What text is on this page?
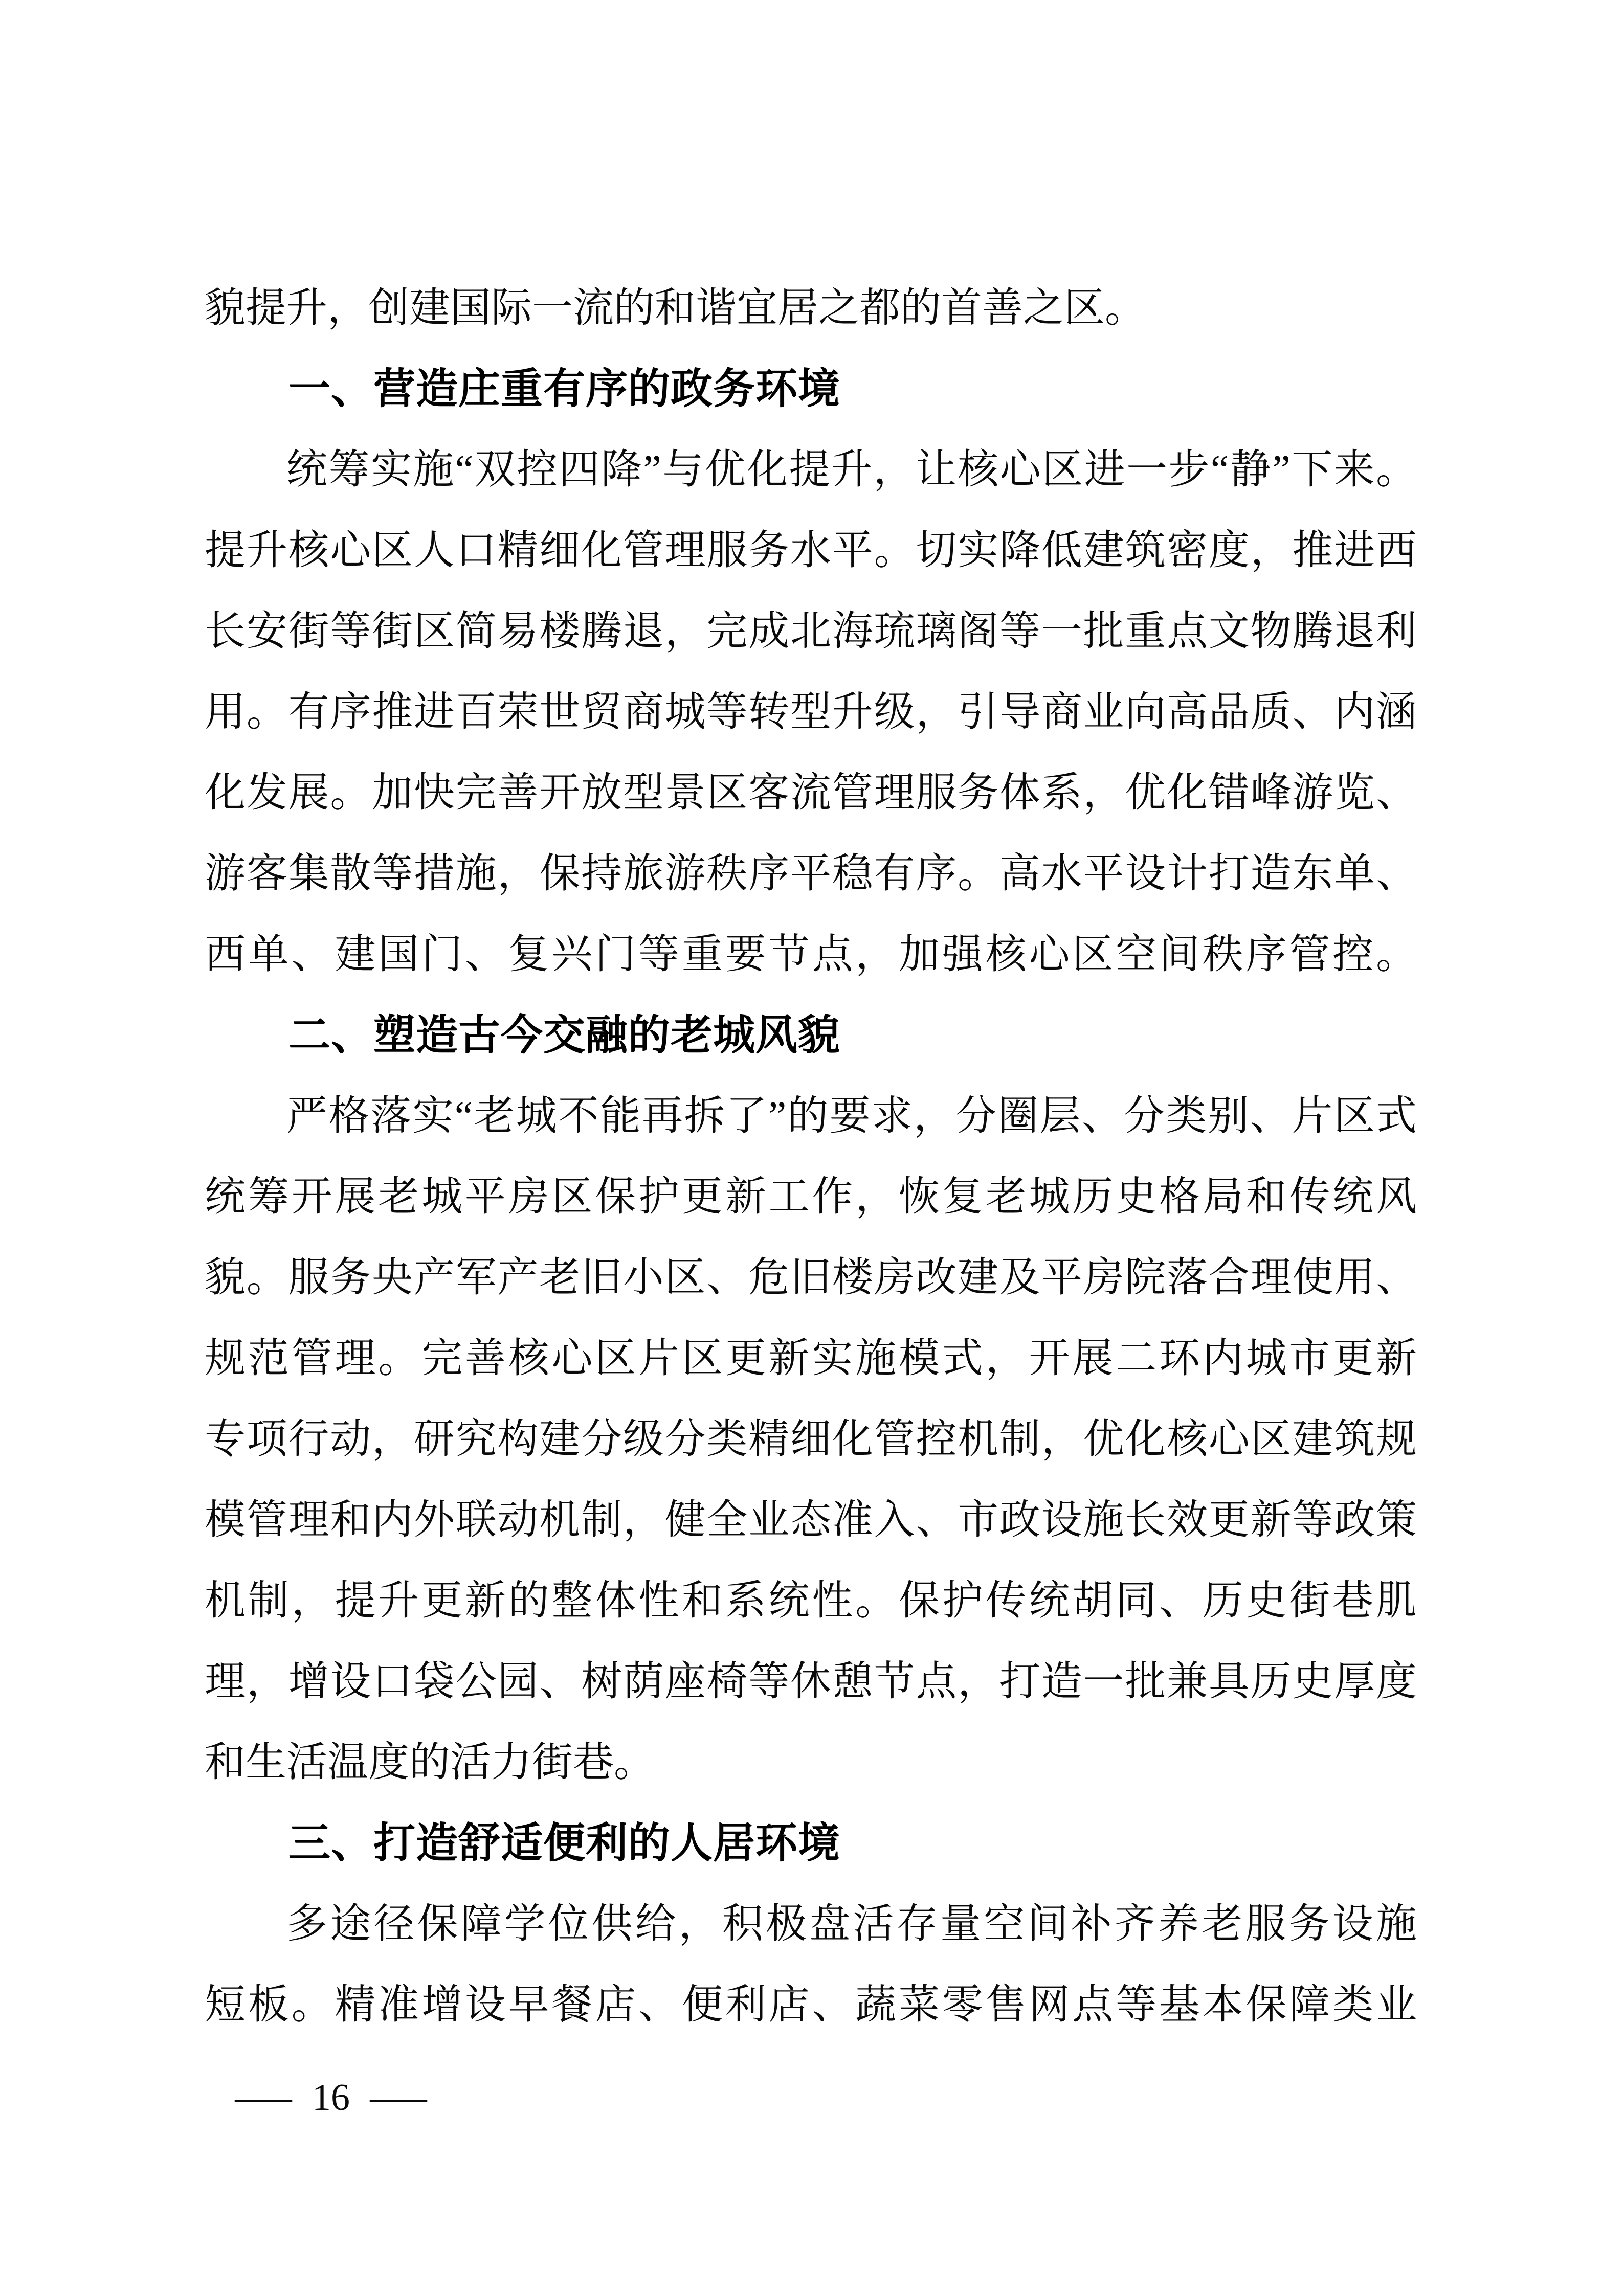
貌提升，创建国际一流的和谐宜居之都的首善之区。
一、营造庄重有序的政务环境
统筹实施“双控四降”与优化提升，让核心区进一步“静”下来。
提升核心区人口精细化管理服务水平。切实降低建筑密度，推进西
长安街等街区简易楼腾退，完成北海琉璃阁等一批重点文物腾退利
用。有序推进百荣世贸商城等转型升级，引导商业向高品质、内涵
化发展。加快完善开放型景区客流管理服务体系，优化错峰游览、
游客集散等措施，保持旅游秩序平稳有序。高水平设计打造东单、
西单、建国门、复兴门等重要节点，加强核心区空间秩序管控。
二、塑造古今交融的老城风貌
严格落实“老城不能再拆了”的要求，分圈层、分类别、片区式
统筹开展老城平房区保护更新工作，恢复老城历史格局和传统风
貌。服务央产军产老旧小区、危旧楼房改建及平房院落合理使用、
规范管理。完善核心区片区更新实施模式，开展二环内城市更新
专项行动，研究构建分级分类精细化管控机制，优化核心区建筑规
模管理和内外联动机制，健全业态准入、市政设施长效更新等政策
机制，提升更新的整体性和系统性。保护传统胡同、历史街巷肌
理，增设口袋公园、树荫座椅等休憩节点，打造一批兼具历史厚度
和生活温度的活力街巷。
三、打造舒适便利的人居环境
多途径保障学位供给，积极盘活存量空间补齐养老服务设施
短板。精准增设早餐店、便利店、蔬菜零售网点等基本保障类业
— 16 —
